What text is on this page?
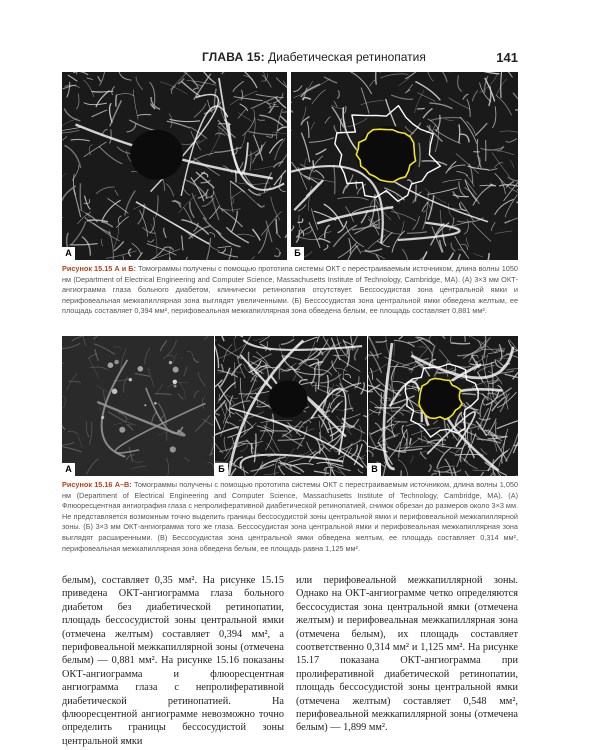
ГЛАВА 15: Диабетическая ретинопатия	141
А	Б
Рисунок 15.15 А и Б: Томограммы получены с помощью прототипа системы ОКТ с перестраиваемым источником, длина волны 1050 нм (Department of Electrical Engineering and Computer Science, Massachusetts Institute of Technology, Cambridge, MA). (А) 3×3 мм ОКТ-ангиограмма глаза больного диабетом, клинически ретинопатия отсутствует. Бессосудистая зона центральной ямки и перифовеальная межкапиллярная зона выглядят увеличенными. (Б) Бессосудистая зона центральной ямки обведена желтым, ее площадь составляет 0,394 мм², перифовеальная межкапиллярная зона обведена белым, ее площадь составляет 0,881 мм².
А	Б	В
Рисунок 15.16 А–В: Томограммы получены с помощью прототипа системы ОКТ с перестраиваемым источником, длина волны 1,050 нм (Department of Electrical Engineering and Computer Science, Massachusetts Institute of Technology, Cambridge, MA). (А) Флюоресцентная ангиография глаза с непролиферативной диабетической ретинопатией, снимок обрезан до размеров около 3×3 мм. Не представляется возможным точно выделить границы бессосудистой зоны центральной ямки и перифовеальной межкапиллярной зоны. (Б) 3×3 мм ОКТ-ангиограмма того же глаза. Бессосудистая зона центральной ямки и перифовеальная межкапиллярная зона выглядят расширенными. (В) Бессосудистая зона центральной ямки обведена желтым, ее площадь составляет 0,314 мм², перифовеальная межкапиллярная зона обведена белым, ее площадь равна 1,125 мм².
белым), составляет 0,35 мм². На рисунке 15.15 приведена ОКТ-ангиограмма глаза больного диабетом без диабетической ретинопатии, площадь бессосудистой зоны центральной ямки (отмечена желтым) составляет 0,394 мм², а перифовеальной межкапиллярной зоны (отмечена белым) — 0,881 мм². На рисунке 15.16 показаны ОКТ-ангиограмма и флюоресцентная ангиограмма глаза с непролиферативной диабетической ретинопатией. На флюоресцентной ангиограмме невозможно точно определить границы бессосудистой зоны центральной ямки
или перифовеальной межкапиллярной зоны. Однако на ОКТ-ангиограмме четко определяются бессосудистая зона центральной ямки (отмечена желтым) и перифовеальная межкапиллярная зона (отмечена белым), их площадь составляет соответственно 0,314 мм² и 1,125 мм². На рисунке 15.17 показана ОКТ-ангиограмма при пролиферативной диабетической ретинопатии, площадь бессосудистой зоны центральной ямки (отмечена желтым) составляет 0,548 мм², перифовеальной межкапиллярной зоны (отмечена белым) — 1,899 мм².
